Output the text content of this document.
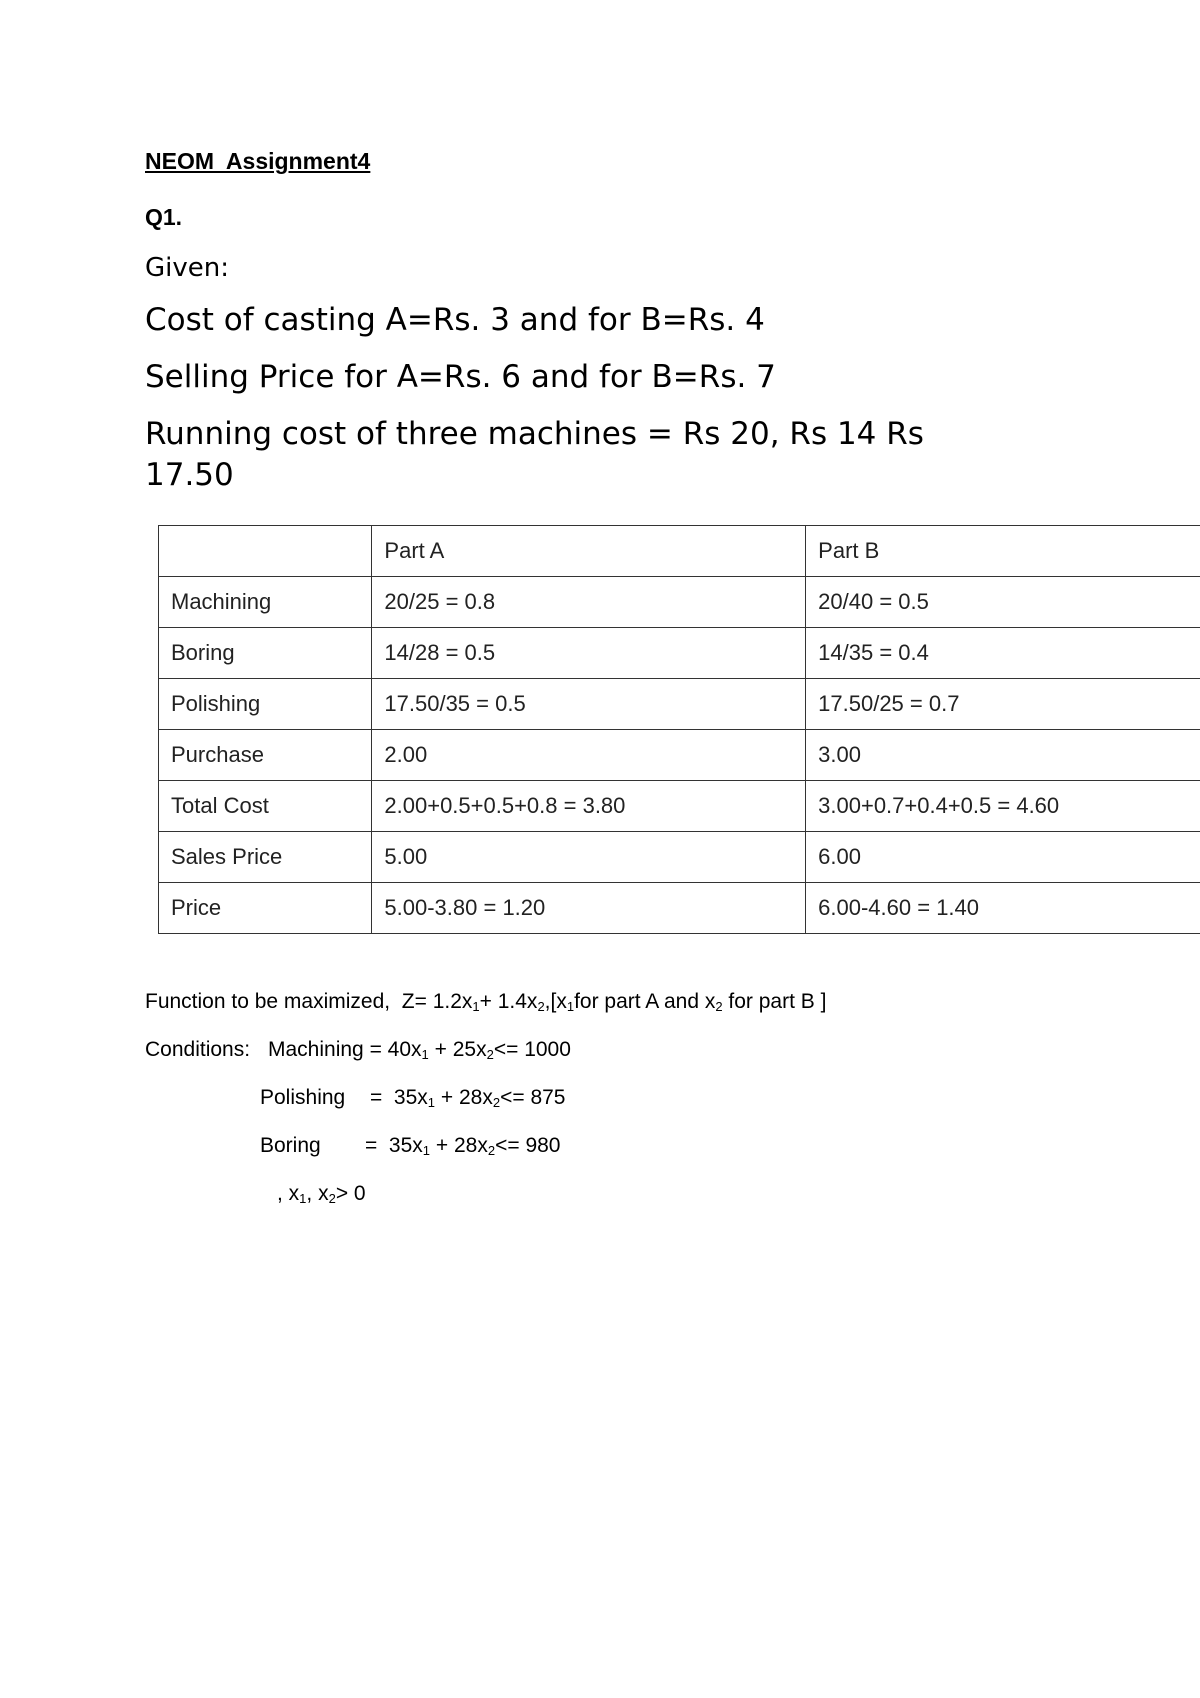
NEOM  Assignment4
Q1.
Given:
Cost of casting A=Rs. 3 and for B=Rs. 4
Selling Price for A=Rs. 6 and for B=Rs. 7
Running cost of three machines = Rs 20, Rs 14 Rs 17.50
	Part A	Part B
Machining	20/25 = 0.8	20/40 = 0.5
Boring	14/28 = 0.5	14/35 = 0.4
Polishing	17.50/35 = 0.5	17.50/25 = 0.7
Purchase	2.00	3.00
Total Cost	2.00+0.5+0.5+0.8 = 3.80	3.00+0.7+0.4+0.5 = 4.60
Sales Price	5.00	6.00
Price	5.00-3.80 = 1.20	6.00-4.60 = 1.40
Function to be maximized,  $Z= 1.2x_1+ 1.4x_2,[x_1for$ part A and $x_2$ for part B ]
Conditions: Machining = $40x_1 + 25x_2<= 1000$
Polishing =  $35x_1 + 28x_2<= 875$
Boring =  $35x_1 + 28x_2<= 980$
, $x_1$, $x_2> 0$
